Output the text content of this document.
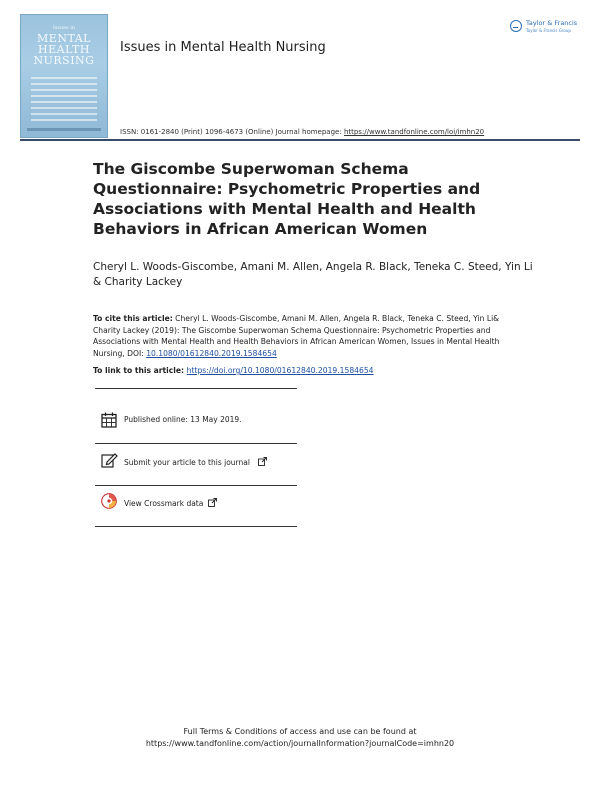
Issues in
MENTAL
HEALTH
NURSING
Issues in Mental Health Nursing
Taylor & Francis
Taylor & Francis Group
ISSN: 0161-2840 (Print) 1096-4673 (Online) Journal homepage: https://www.tandfonline.com/loi/imhn20
The Giscombe Superwoman Schema Questionnaire: Psychometric Properties and Associations with Mental Health and Health Behaviors in African American Women
Cheryl L. Woods-Giscombe, Amani M. Allen, Angela R. Black, Teneka C. Steed, Yin Li & Charity Lackey
To cite this article: Cheryl L. Woods-Giscombe, Amani M. Allen, Angela R. Black, Teneka C. Steed, Yin Li& Charity Lackey (2019): The Giscombe Superwoman Schema Questionnaire: Psychometric Properties and Associations with Mental Health and Health Behaviors in African American Women, Issues in Mental Health Nursing, DOI: 10.1080/01612840.2019.1584654
To link to this article: https://doi.org/10.1080/01612840.2019.1584654
Published online: 13 May 2019.
Submit your article to this journal
View Crossmark data
Full Terms & Conditions of access and use can be found at
https://www.tandfonline.com/action/journalInformation?journalCode=imhn20
